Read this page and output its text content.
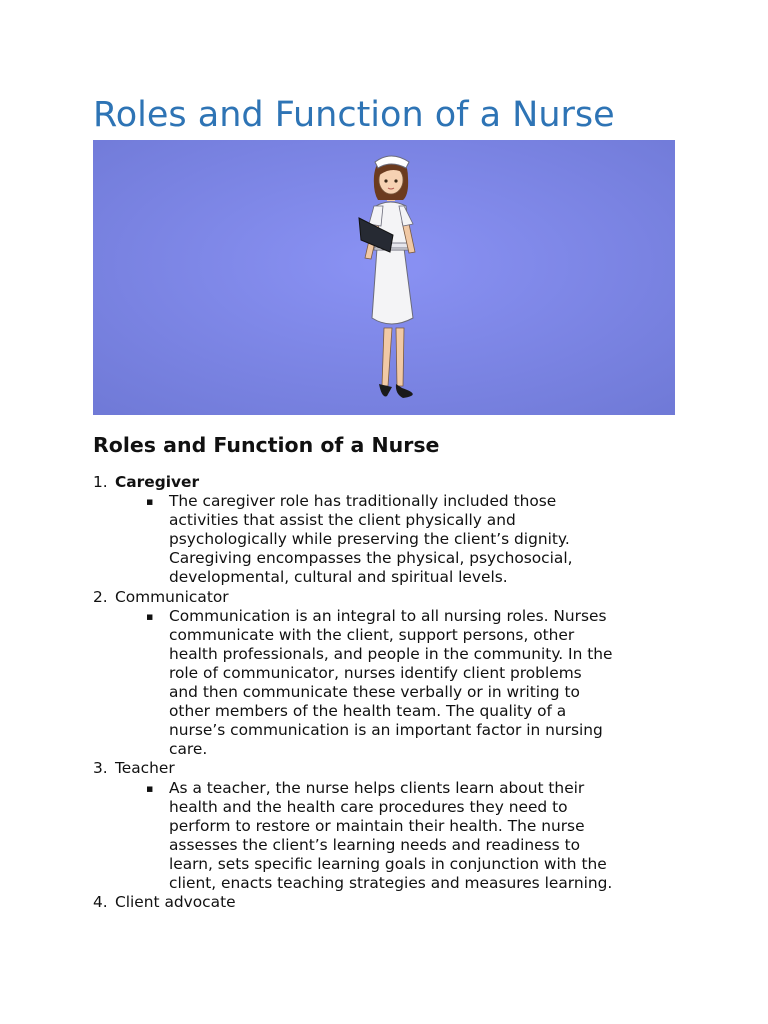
Roles and Function of a Nurse
Roles and Function of a Nurse
1. Caregiver
▪ The caregiver role has traditionally included those
activities that assist the client physically and
psychologically while preserving the client’s dignity.
Caregiving encompasses the physical, psychosocial,
developmental, cultural and spiritual levels.
2. Communicator
▪ Communication is an integral to all nursing roles. Nurses
communicate with the client, support persons, other
health professionals, and people in the community. In the
role of communicator, nurses identify client problems
and then communicate these verbally or in writing to
other members of the health team. The quality of a
nurse’s communication is an important factor in nursing
care.
3. Teacher
▪ As a teacher, the nurse helps clients learn about their
health and the health care procedures they need to
perform to restore or maintain their health. The nurse
assesses the client’s learning needs and readiness to
learn, sets specific learning goals in conjunction with the
client, enacts teaching strategies and measures learning.
4. Client advocate
